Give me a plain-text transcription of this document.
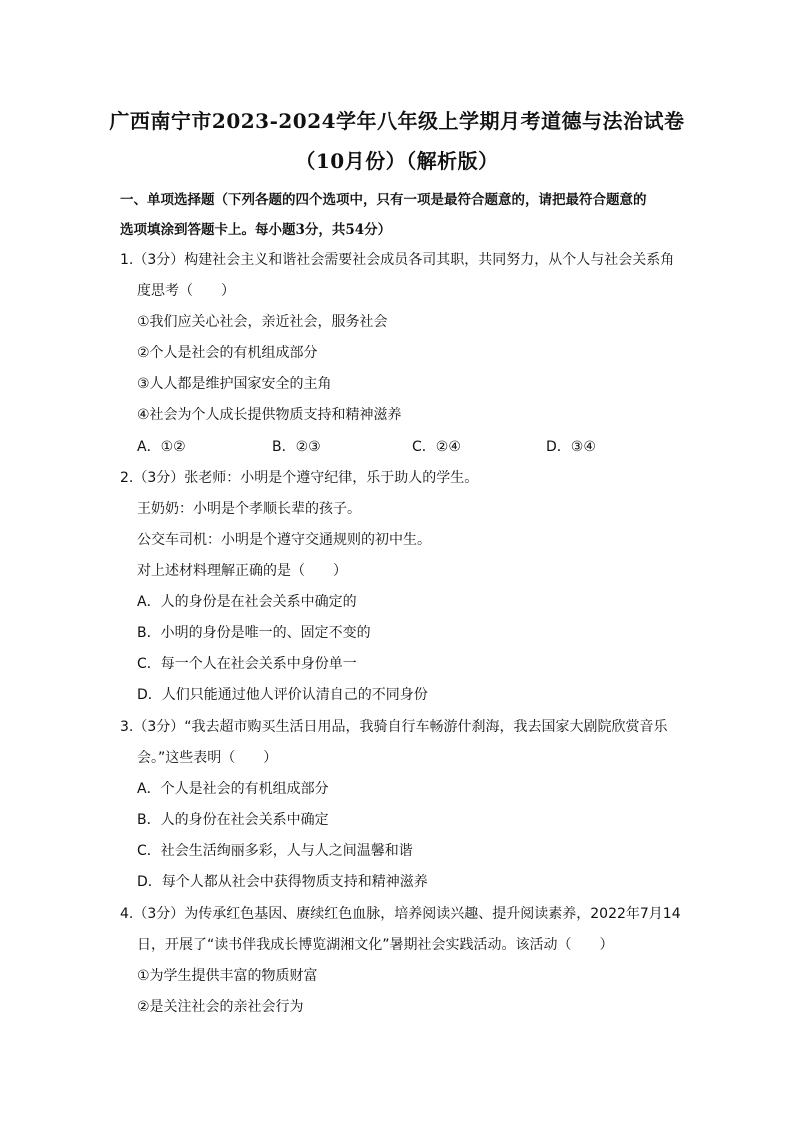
广西南宁市2023-2024学年八年级上学期月考道德与法治试卷
（10月份）（解析版）
一、单项选择题（下列各题的四个选项中，只有一项是最符合题意的，请把最符合题意的
选项填涂到答题卡上。每小题3分，共54分）
1.（3分）构建社会主义和谐社会需要社会成员各司其职，共同努力，从个人与社会关系角
度思考（　　）
①我们应关心社会，亲近社会，服务社会
②个人是社会的有机组成部分
③人人都是维护国家安全的主角
④社会为个人成长提供物质支持和精神滋养
A．①②	B．②③	C．②④	D．③④
2.（3分）张老师：小明是个遵守纪律，乐于助人的学生。
王奶奶：小明是个孝顺长辈的孩子。
公交车司机：小明是个遵守交通规则的初中生。
对上述材料理解正确的是（　　）
A．人的身份是在社会关系中确定的
B．小明的身份是唯一的、固定不变的
C．每一个人在社会关系中身份单一
D．人们只能通过他人评价认清自己的不同身份
3.（3分）“我去超市购买生活日用品，我骑自行车畅游什刹海，我去国家大剧院欣赏音乐
会。”这些表明（　　）
A．个人是社会的有机组成部分
B．人的身份在社会关系中确定
C．社会生活绚丽多彩，人与人之间温馨和谐
D．每个人都从社会中获得物质支持和精神滋养
4.（3分）为传承红色基因、赓续红色血脉，培养阅读兴趣、提升阅读素养，2022年7月14
日，开展了“读书伴我成长博览湖湘文化”暑期社会实践活动。该活动（　　）
①为学生提供丰富的物质财富
②是关注社会的亲社会行为
